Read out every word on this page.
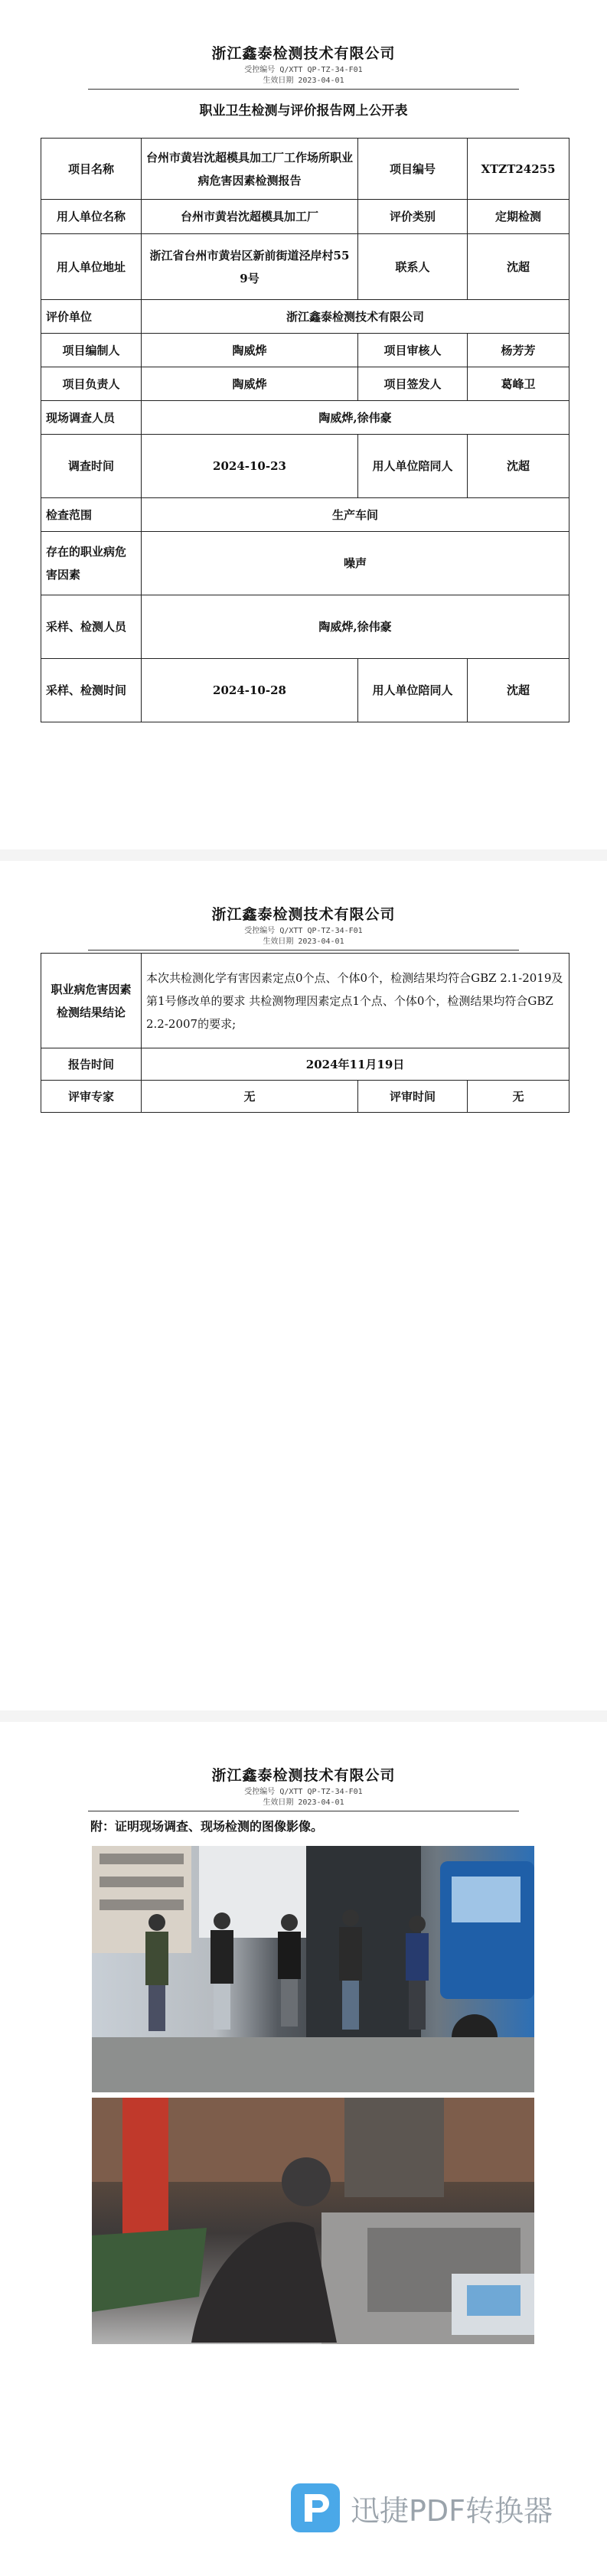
浙江鑫泰检测技术有限公司
受控编号 Q/XTT QP-TZ-34-F01
生效日期 2023-04-01
职业卫生检测与评价报告网上公开表
项目名称	台州市黄岩沈超模具加工厂工作场所职业病危害因素检测报告	项目编号	XTZT24255
用人单位名称	台州市黄岩沈超模具加工厂	评价类别	定期检测
用人单位地址	浙江省台州市黄岩区新前街道泾岸村559号	联系人	沈超
评价单位	浙江鑫泰检测技术有限公司		
项目编制人	陶威烨	项目审核人	杨芳芳
项目负责人	陶威烨	项目签发人	葛峰卫
现场调查人员	陶威烨,徐伟豪		
调查时间	2024-10-23	用人单位陪同人	沈超
检查范围	生产车间		
存在的职业病危害因素	噪声		
采样、检测人员	陶威烨,徐伟豪		
采样、检测时间	2024-10-28	用人单位陪同人	沈超
浙江鑫泰检测技术有限公司
受控编号 Q/XTT QP-TZ-34-F01
生效日期 2023-04-01
职业病危害因素检测结果结论	本次共检测化学有害因素定点0个点、个体0个，检测结果均符合GBZ 2.1-2019及第1号修改单的要求 共检测物理因素定点1个点、个体0个，检测结果均符合GBZ 2.2-2007的要求;		
报告时间	2024年11月19日		
评审专家	无	评审时间	无
浙江鑫泰检测技术有限公司
受控编号 Q/XTT QP-TZ-34-F01
生效日期 2023-04-01
附：证明现场调查、现场检测的图像影像。
迅捷PDF转换器
